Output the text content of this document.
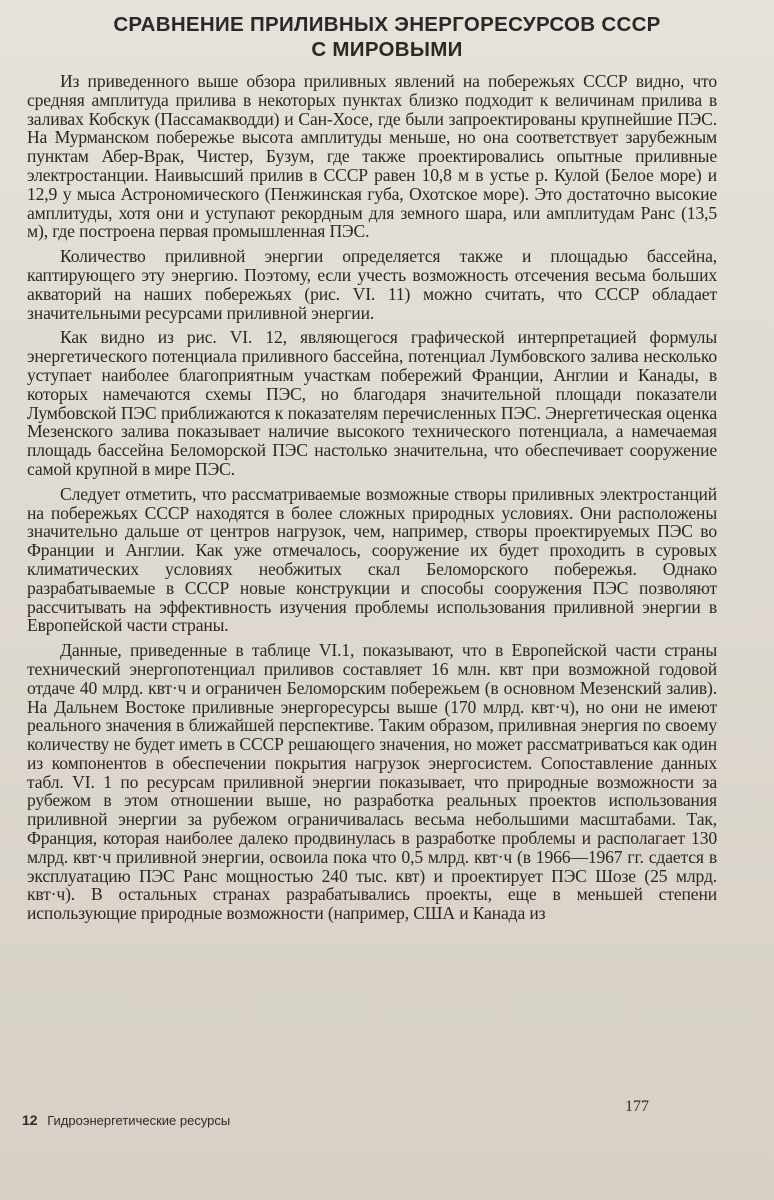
СРАВНЕНИЕ ПРИЛИВНЫХ ЭНЕРГОРЕСУРСОВ СССР
С МИРОВЫМИ

Из приведенного выше обзора приливных явлений на побережьях СССР видно, что средняя амплитуда прилива в некоторых пунктах близко подходит к величинам прилива в заливах Кобскук (Пассамакводди) и Сан-Хосе, где были запроектированы крупнейшие ПЭС. На Мурманском побережье высота амплитуды меньше, но она соответствует зарубежным пунктам Абер-Врак, Чистер, Бузум, где также проектировались опытные приливные электростанции. Наивысший прилив в СССР равен 10,8 м в устье р. Кулой (Белое море) и 12,9 у мыса Астрономического (Пенжинская губа, Охотское море). Это достаточно высокие амплитуды, хотя они и уступают рекордным для земного шара, или амплитудам Ранс (13,5 м), где построена первая промышленная ПЭС.

Количество приливной энергии определяется также и площадью бассейна, каптирующего эту энергию. Поэтому, если учесть возможность отсечения весьма больших акваторий на наших побережьях (рис. VI. 11) можно считать, что СССР обладает значительными ресурсами приливной энергии.

Как видно из рис. VI. 12, являющегося графической интерпретацией формулы энергетического потенциала приливного бассейна, потенциал Лумбовского залива несколько уступает наиболее благоприятным участкам побережий Франции, Англии и Канады, в которых намечаются схемы ПЭС, но благодаря значительной площади показатели Лумбовской ПЭС приближаются к показателям перечисленных ПЭС. Энергетическая оценка Мезенского залива показывает наличие высокого технического потенциала, а намечаемая площадь бассейна Беломорской ПЭС настолько значительна, что обеспечивает сооружение самой крупной в мире ПЭС.

Следует отметить, что рассматриваемые возможные створы приливных электростанций на побережьях СССР находятся в более сложных природных условиях. Они расположены значительно дальше от центров нагрузок, чем, например, створы проектируемых ПЭС во Франции и Англии. Как уже отмечалось, сооружение их будет проходить в суровых климатических условиях необжитых скал Беломорского побережья. Однако разрабатываемые в СССР новые конструкции и способы сооружения ПЭС позволяют рассчитывать на эффективность изучения проблемы использования приливной энергии в Европейской части страны.

Данные, приведенные в таблице VI.1, показывают, что в Европейской части страны технический энергопотенциал приливов составляет 16 млн. квт при возможной годовой отдаче 40 млрд. квт·ч и ограничен Беломорским побережьем (в основном Мезенский залив). На Дальнем Востоке приливные энергоресурсы выше (170 млрд. квт·ч), но они не имеют реального значения в ближайшей перспективе. Таким образом, приливная энергия по своему количеству не будет иметь в СССР решающего значения, но может рассматриваться как один из компонентов в обеспечении покрытия нагрузок энергосистем. Сопоставление данных табл. VI. 1 по ресурсам приливной энергии показывает, что природные возможности за рубежом в этом отношении выше, но разработка реальных проектов использования приливной энергии за рубежом ограничивалась весьма небольшими масштабами. Так, Франция, которая наиболее далеко продвинулась в разработке проблемы и располагает 130 млрд. квт·ч приливной энергии, освоила пока что 0,5 млрд. квт·ч (в 1966—1967 гг. сдается в эксплуатацию ПЭС Ранс мощностью 240 тыс. квт) и проектирует ПЭС Шозе (25 млрд. квт·ч). В остальных странах разрабатывались проекты, еще в меньшей степени использующие природные возможности (например, США и Канада из

12 Гидроэнергетические ресурсы
177
